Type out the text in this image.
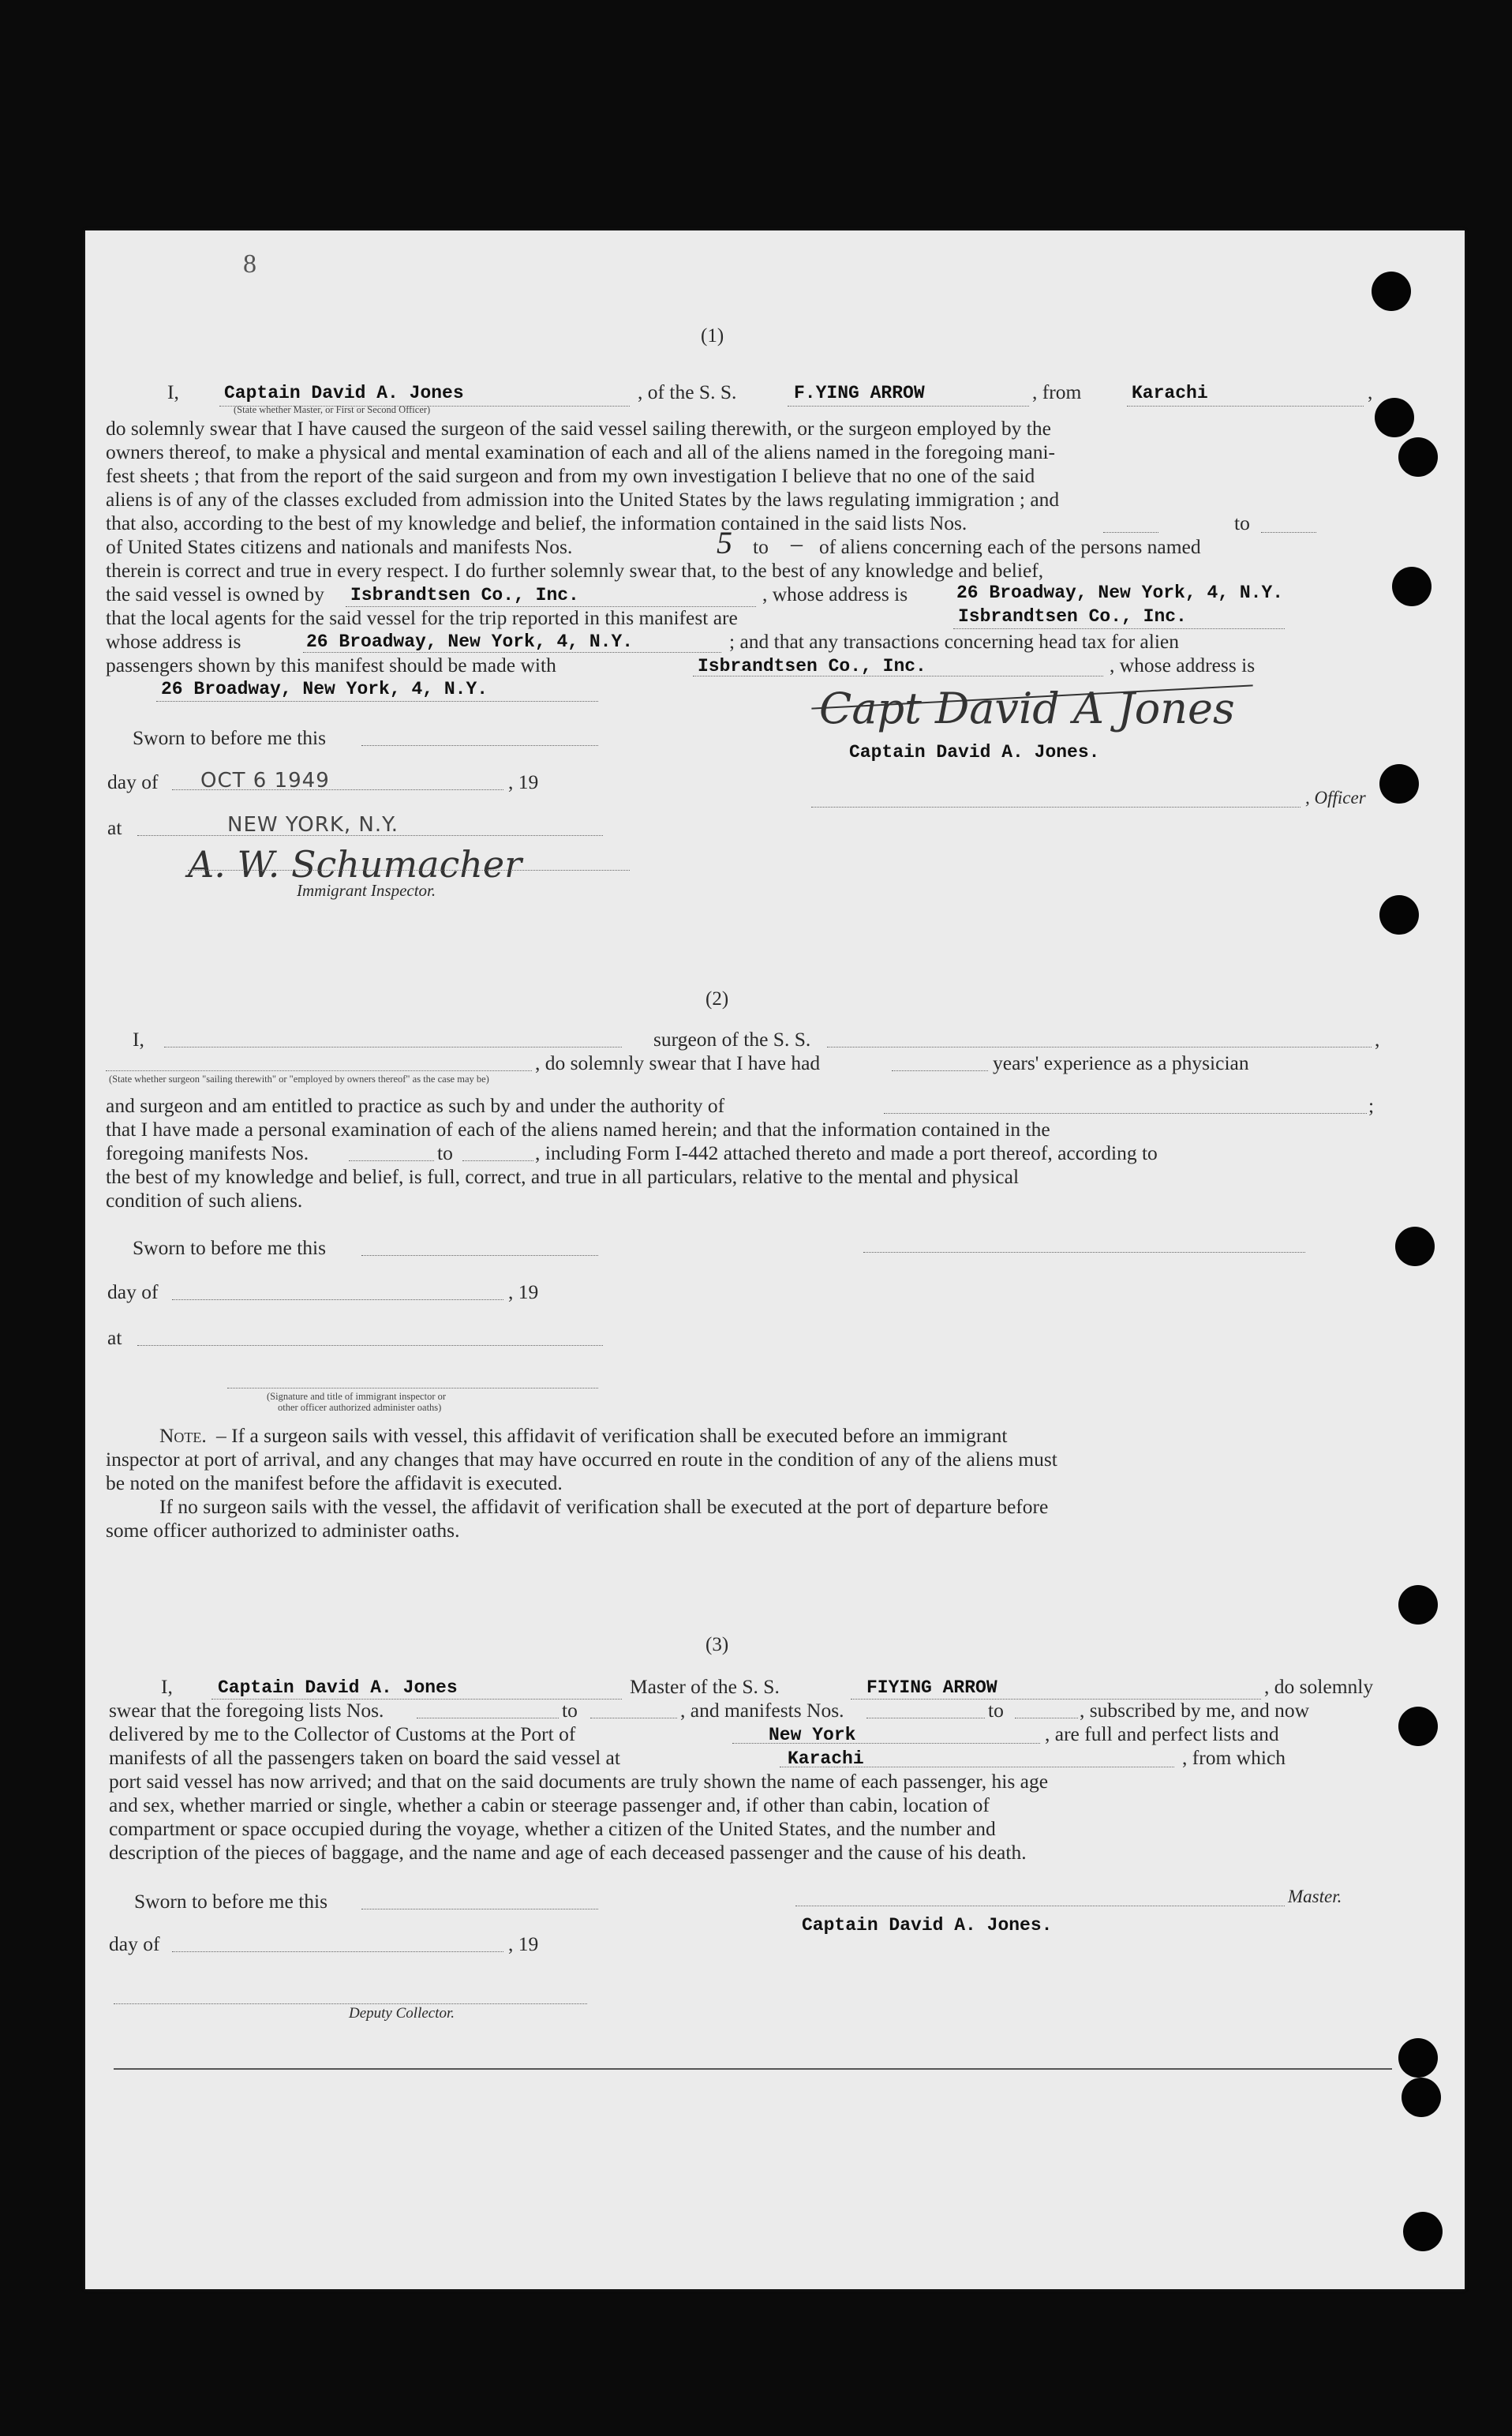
8
(1)
I, Captain David A. Jones	, of the S. S.	F.YING ARROW	, from	Karachi	,
(State whether Master, or First or Second Officer)
do solemnly swear that I have caused the surgeon of the said vessel sailing therewith, or the surgeon employed by the
owners thereof, to make a physical and mental examination of each and all of the aliens named in the foregoing mani-
fest sheets ; that from the report of the said surgeon and from my own investigation I believe that no one of the said
aliens is of any of the classes excluded from admission into the United States by the laws regulating immigration ; and
that also, according to the best of my knowledge and belief, the information contained in the said lists Nos.	to
of United States citizens and nationals and manifests Nos.	5 to – of aliens concerning each of the persons named
therein is correct and true in every respect. I do further solemnly swear that, to the best of any knowledge and belief,
the said vessel is owned by Isbrandtsen Co., Inc.	, whose address is	26 Broadway, New York, 4, N.Y.
that the local agents for the said vessel for the trip reported in this manifest are	Isbrandtsen Co., Inc.
whose address is	26 Broadway, New York, 4, N.Y.	; and that any transactions concerning head tax for alien
passengers shown by this manifest should be made with	Isbrandtsen Co., Inc.	, whose address is
26 Broadway, New York, 4, N.Y.
Sworn to before me this
day of OCT 6 1949	, 19
at	NEW YORK, N.Y.
Capt David A Jones
Captain David A. Jones.
, Officer
A. W. Schumacher
Immigrant Inspector.
(2)
I,	surgeon of the S. S.	,
, do solemnly swear that I have had	years' experience as a physician
(State whether surgeon "sailing therewith" or "employed by owners thereof" as the case may be)
and surgeon and am entitled to practice as such by and under the authority of	;
that I have made a personal examination of each of the aliens named herein; and that the information contained in the
foregoing manifests Nos.	to	, including Form I-442 attached thereto and made a port thereof, according to
the best of my knowledge and belief, is full, correct, and true in all particulars, relative to the mental and physical
condition of such aliens.
Sworn to before me this
day of	, 19
at
(Signature and title of immigrant inspector or
other officer authorized administer oaths)
Note. – If a surgeon sails with vessel, this affidavit of verification shall be executed before an immigrant
inspector at port of arrival, and any changes that may have occurred en route in the condition of any of the aliens must
be noted on the manifest before the affidavit is executed.
If no surgeon sails with the vessel, the affidavit of verification shall be executed at the port of departure before
some officer authorized to administer oaths.
(3)
I, Captain David A. Jones	Master of the S. S.	FIYING ARROW	, do solemnly
swear that the foregoing lists Nos.	to	, and manifests Nos.	to	, subscribed by me, and now
delivered by me to the Collector of Customs at the Port of	New York	, are full and perfect lists and
manifests of all the passengers taken on board the said vessel at	Karachi	, from which
port said vessel has now arrived; and that on the said documents are truly shown the name of each passenger, his age
and sex, whether married or single, whether a cabin or steerage passenger and, if other than cabin, location of
compartment or space occupied during the voyage, whether a citizen of the United States, and the number and
description of the pieces of baggage, and the name and age of each deceased passenger and the cause of his death.
Sworn to before me this	Master.
Captain David A. Jones.
day of	, 19
Deputy Collector.
